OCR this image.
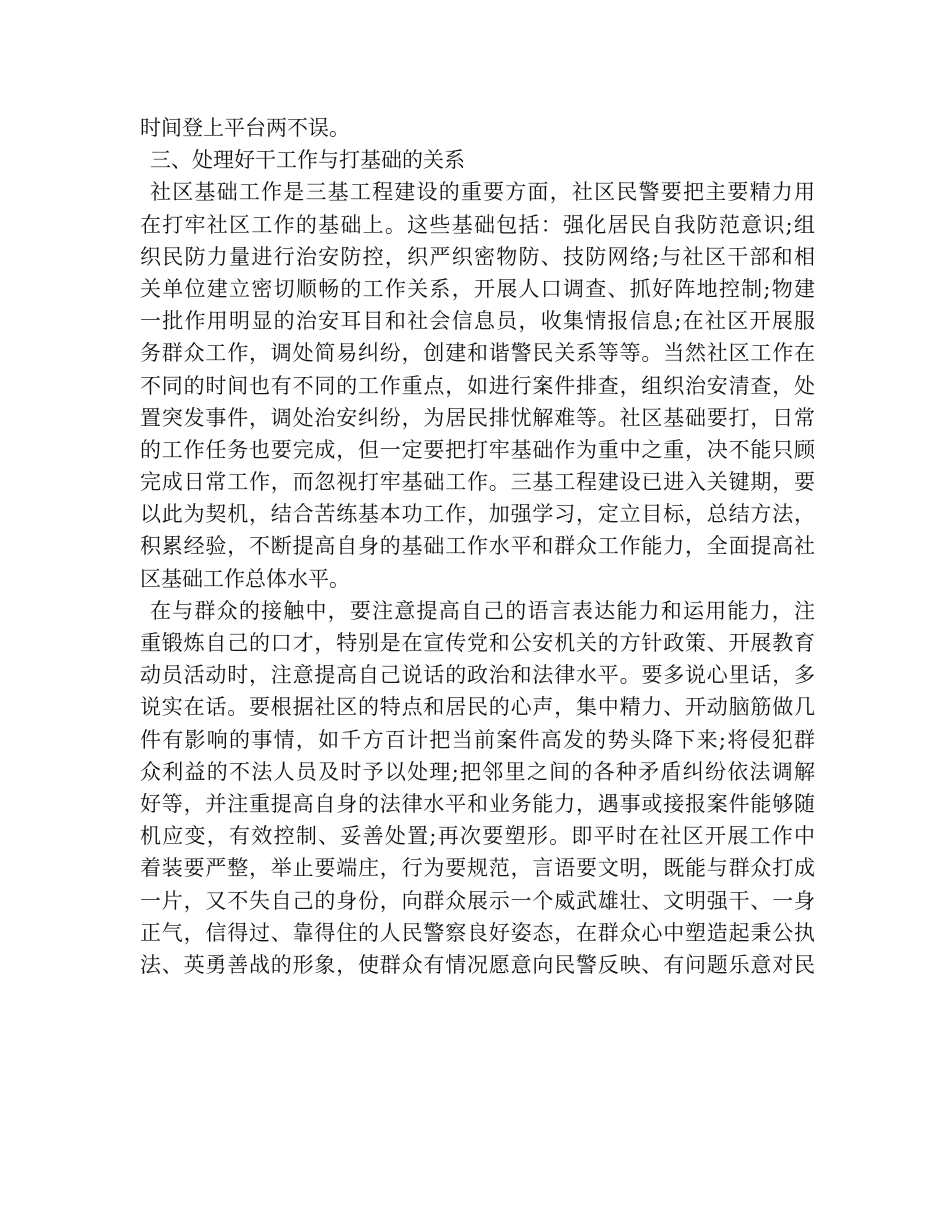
时间登上平台两不误。
三、处理好干工作与打基础的关系
社区基础工作是三基工程建设的重要方面，社区民警要把主要精力用
在打牢社区工作的基础上。这些基础包括：强化居民自我防范意识;组
织民防力量进行治安防控，织严织密物防、技防网络;与社区干部和相
关单位建立密切顺畅的工作关系，开展人口调查、抓好阵地控制;物建
一批作用明显的治安耳目和社会信息员，收集情报信息;在社区开展服
务群众工作，调处简易纠纷，创建和谐警民关系等等。当然社区工作在
不同的时间也有不同的工作重点，如进行案件排查，组织治安清查，处
置突发事件，调处治安纠纷，为居民排忧解难等。社区基础要打，日常
的工作任务也要完成，但一定要把打牢基础作为重中之重，决不能只顾
完成日常工作，而忽视打牢基础工作。三基工程建设已进入关键期，要
以此为契机，结合苦练基本功工作，加强学习，定立目标，总结方法，
积累经验，不断提高自身的基础工作水平和群众工作能力，全面提高社
区基础工作总体水平。
在与群众的接触中，要注意提高自己的语言表达能力和运用能力，注
重锻炼自己的口才，特别是在宣传党和公安机关的方针政策、开展教育
动员活动时，注意提高自己说话的政治和法律水平。要多说心里话，多
说实在话。要根据社区的特点和居民的心声，集中精力、开动脑筋做几
件有影响的事情，如千方百计把当前案件高发的势头降下来;将侵犯群
众利益的不法人员及时予以处理;把邻里之间的各种矛盾纠纷依法调解
好等，并注重提高自身的法律水平和业务能力，遇事或接报案件能够随
机应变，有效控制、妥善处置;再次要塑形。即平时在社区开展工作中
着装要严整，举止要端庄，行为要规范，言语要文明，既能与群众打成
一片，又不失自己的身份，向群众展示一个威武雄壮、文明强干、一身
正气，信得过、靠得住的人民警察良好姿态，在群众心中塑造起秉公执
法、英勇善战的形象，使群众有情况愿意向民警反映、有问题乐意对民
